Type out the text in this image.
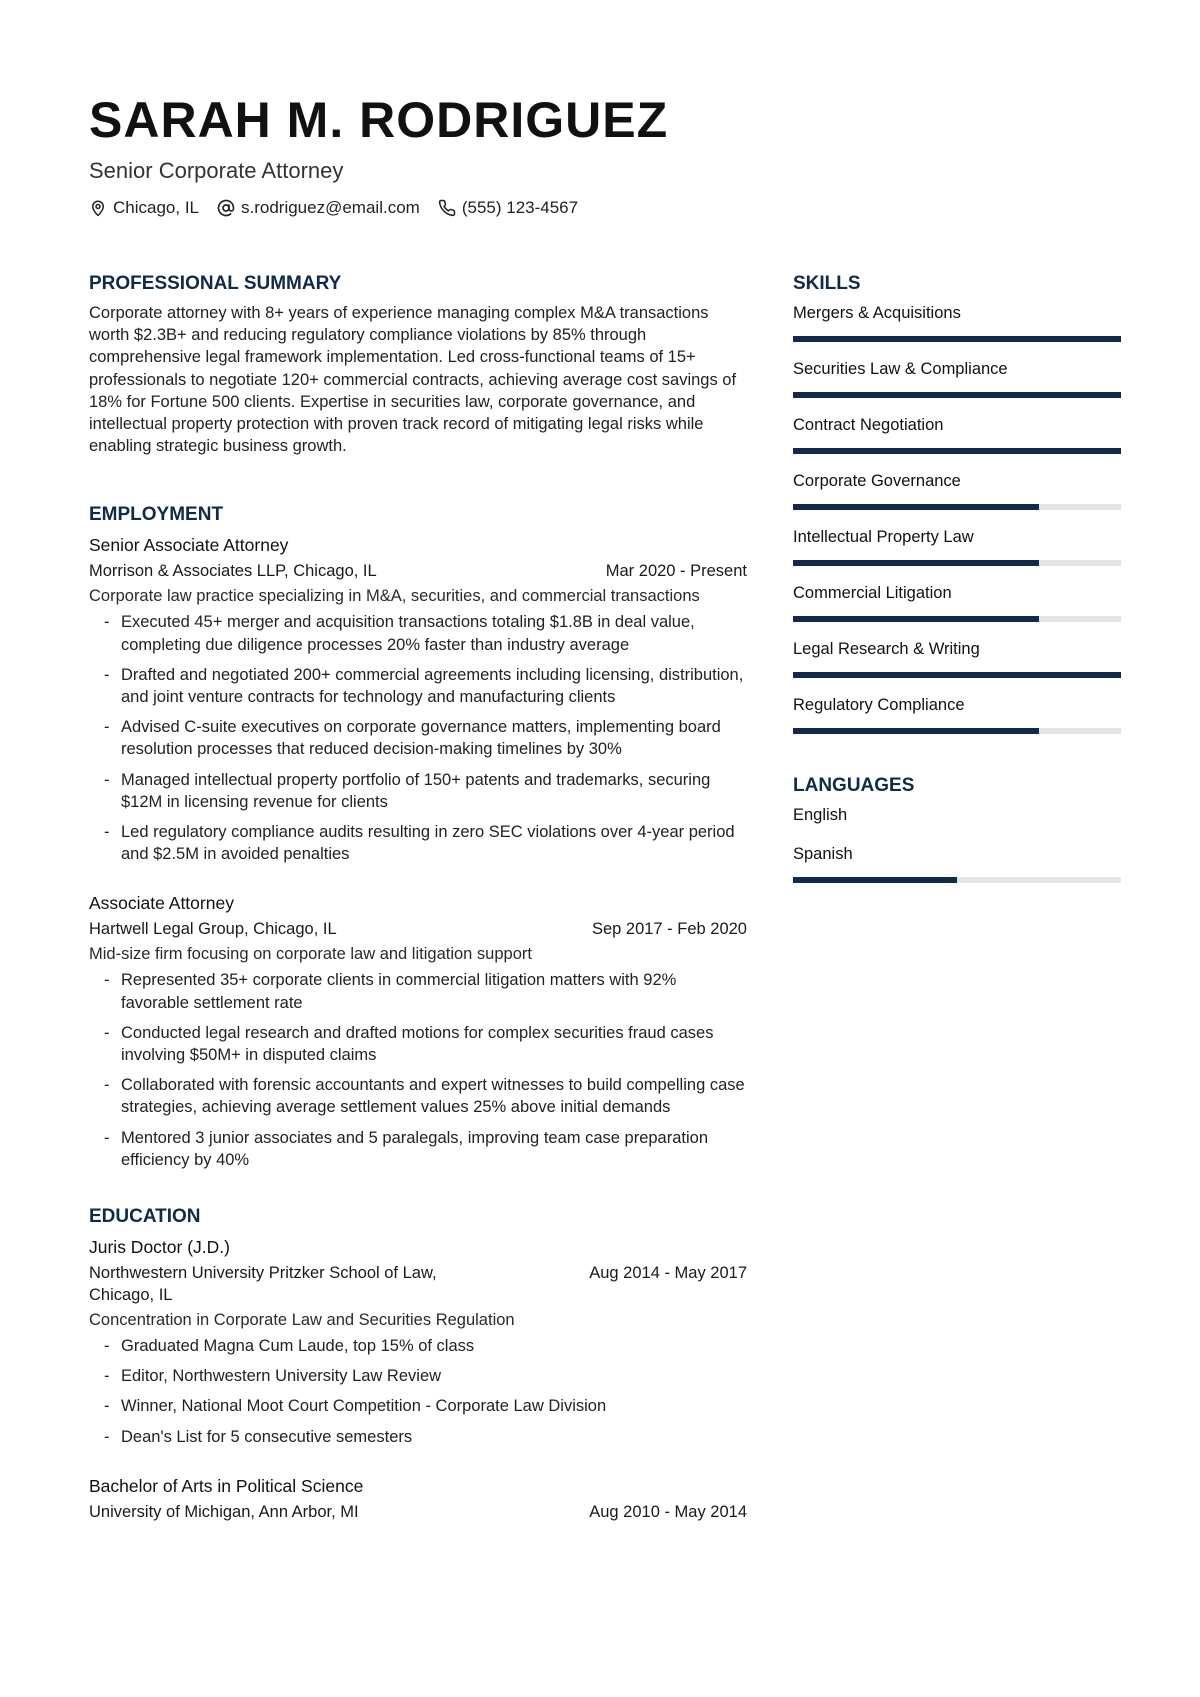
SARAH M. RODRIGUEZ
Senior Corporate Attorney
Chicago, IL s.rodriguez@email.com (555) 123-4567
PROFESSIONAL SUMMARY

Corporate attorney with 8+ years of experience managing complex M&A transactions worth $2.3B+ and reducing regulatory compliance violations by 85% through comprehensive legal framework implementation. Led cross-functional teams of 15+ professionals to negotiate 120+ commercial contracts, achieving average cost savings of 18% for Fortune 500 clients. Expertise in securities law, corporate governance, and intellectual property protection with proven track record of mitigating legal risks while enabling strategic business growth.

EMPLOYMENT
Senior Associate Attorney
Morrison & Associates LLP, Chicago, IL	Mar 2020 - Present
Corporate law practice specializing in M&A, securities, and commercial transactions
- Executed 45+ merger and acquisition transactions totaling $1.8B in deal value, completing due diligence processes 20% faster than industry average
- Drafted and negotiated 200+ commercial agreements including licensing, distribution, and joint venture contracts for technology and manufacturing clients
- Advised C-suite executives on corporate governance matters, implementing board resolution processes that reduced decision-making timelines by 30%
- Managed intellectual property portfolio of 150+ patents and trademarks, securing $12M in licensing revenue for clients
- Led regulatory compliance audits resulting in zero SEC violations over 4-year period and $2.5M in avoided penalties
Associate Attorney
Hartwell Legal Group, Chicago, IL	Sep 2017 - Feb 2020
Mid-size firm focusing on corporate law and litigation support
- Represented 35+ corporate clients in commercial litigation matters with 92% favorable settlement rate
- Conducted legal research and drafted motions for complex securities fraud cases involving $50M+ in disputed claims
- Collaborated with forensic accountants and expert witnesses to build compelling case strategies, achieving average settlement values 25% above initial demands
- Mentored 3 junior associates and 5 paralegals, improving team case preparation efficiency by 40%
EDUCATION
Juris Doctor (J.D.)
Northwestern University Pritzker School of Law, Chicago, IL
Aug 2014 - May 2017
Concentration in Corporate Law and Securities Regulation
- Graduated Magna Cum Laude, top 15% of class
- Editor, Northwestern University Law Review
- Winner, National Moot Court Competition - Corporate Law Division
- Dean's List for 5 consecutive semesters
Bachelor of Arts in Political Science
University of Michigan, Ann Arbor, MI	Aug 2010 - May 2014
SKILLS
Mergers & Acquisitions
Securities Law & Compliance
Contract Negotiation
Corporate Governance
Intellectual Property Law
Commercial Litigation
Legal Research & Writing
Regulatory Compliance
LANGUAGES
English
Spanish
